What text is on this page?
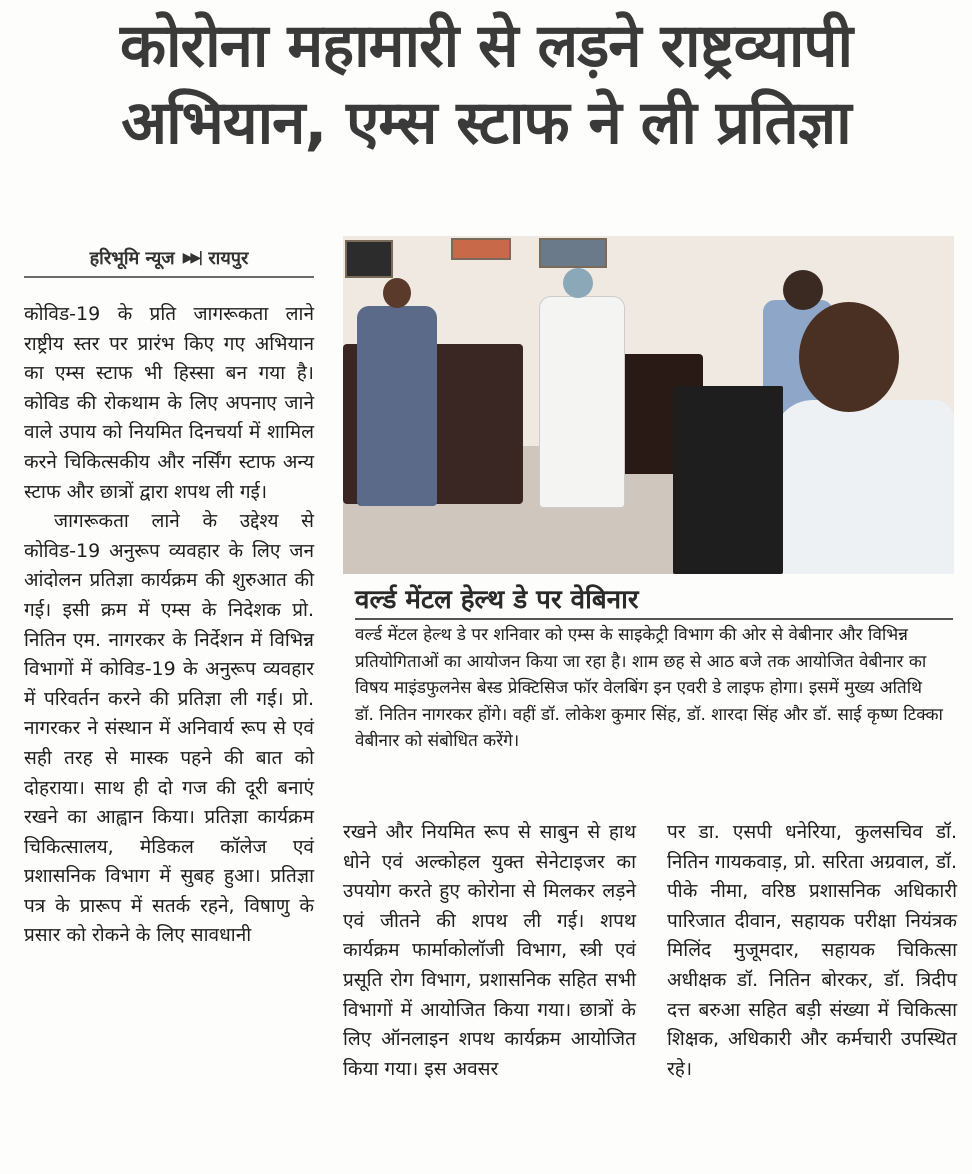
कोरोना महामारी से लड़ने राष्ट्रव्यापी
अभियान, एम्स स्टाफ ने ली प्रतिज्ञा
हरिभूमि न्यूज ▶▶| रायपुर

कोविड-19 के प्रति जागरूकता लाने राष्ट्रीय स्तर पर प्रारंभ किए गए अभियान का एम्स स्टाफ भी हिस्सा बन गया है। कोविड की रोकथाम के लिए अपनाए जाने वाले उपाय को नियमित दिनचर्या में शामिल करने चिकित्सकीय और नर्सिंग स्टाफ अन्य स्टाफ और छात्रों द्वारा शपथ ली गई।

जागरूकता लाने के उद्देश्य से कोविड-19 अनुरूप व्यवहार के लिए जन आंदोलन प्रतिज्ञा कार्यक्रम की शुरुआत की गई। इसी क्रम में एम्स के निदेशक प्रो. नितिन एम. नागरकर के निर्देशन में विभिन्न विभागों में कोविड-19 के अनुरूप व्यवहार में परिवर्तन करने की प्रतिज्ञा ली गई। प्रो. नागरकर ने संस्थान में अनिवार्य रूप से एवं सही तरह से मास्क पहने की बात को दोहराया। साथ ही दो गज की दूरी बनाएं रखने का आह्वान किया। प्रतिज्ञा कार्यक्रम चिकित्सालय, मेडिकल कॉलेज एवं प्रशासनिक विभाग में सुबह हुआ। प्रतिज्ञा पत्र के प्रारूप में सतर्क रहने, विषाणु के प्रसार को रोकने के लिए सावधानी

वर्ल्ड मेंटल हेल्थ डे पर वेबिनार

वर्ल्ड मेंटल हेल्थ डे पर शनिवार को एम्स के साइकेट्री विभाग की ओर से वेबीनार और विभिन्न प्रतियोगिताओं का आयोजन किया जा रहा है। शाम छह से आठ बजे तक आयोजित वेबीनार का विषय माइंडफुलनेस बेस्ड प्रेक्टिसिज फॉर वेलबिंग इन एवरी डे लाइफ होगा। इसमें मुख्य अतिथि डॉ. नितिन नागरकर होंगे। वहीं डॉ. लोकेश कुमार सिंह, डॉ. शारदा सिंह और डॉ. साई कृष्ण टिक्का वेबीनार को संबोधित करेंगे।

रखने और नियमित रूप से साबुन से हाथ धोने एवं अल्कोहल युक्त सेनेटाइजर का उपयोग करते हुए कोरोना से मिलकर लड़ने एवं जीतने की शपथ ली गई। शपथ कार्यक्रम फार्माकोलॉजी विभाग, स्त्री एवं प्रसूति रोग विभाग, प्रशासनिक सहित सभी विभागों में आयोजित किया गया। छात्रों के लिए ऑनलाइन शपथ कार्यक्रम आयोजित किया गया। इस अवसर

पर डा. एसपी धनेरिया, कुलसचिव डॉ. नितिन गायकवाड़, प्रो. सरिता अग्रवाल, डॉ. पीके नीमा, वरिष्ठ प्रशासनिक अधिकारी पारिजात दीवान, सहायक परीक्षा नियंत्रक मिलिंद मुजूमदार, सहायक चिकित्सा अधीक्षक डॉ. नितिन बोरकर, डॉ. त्रिदीप दत्त बरुआ सहित बड़ी संख्या में चिकित्सा शिक्षक, अधिकारी और कर्मचारी उपस्थित रहे।
